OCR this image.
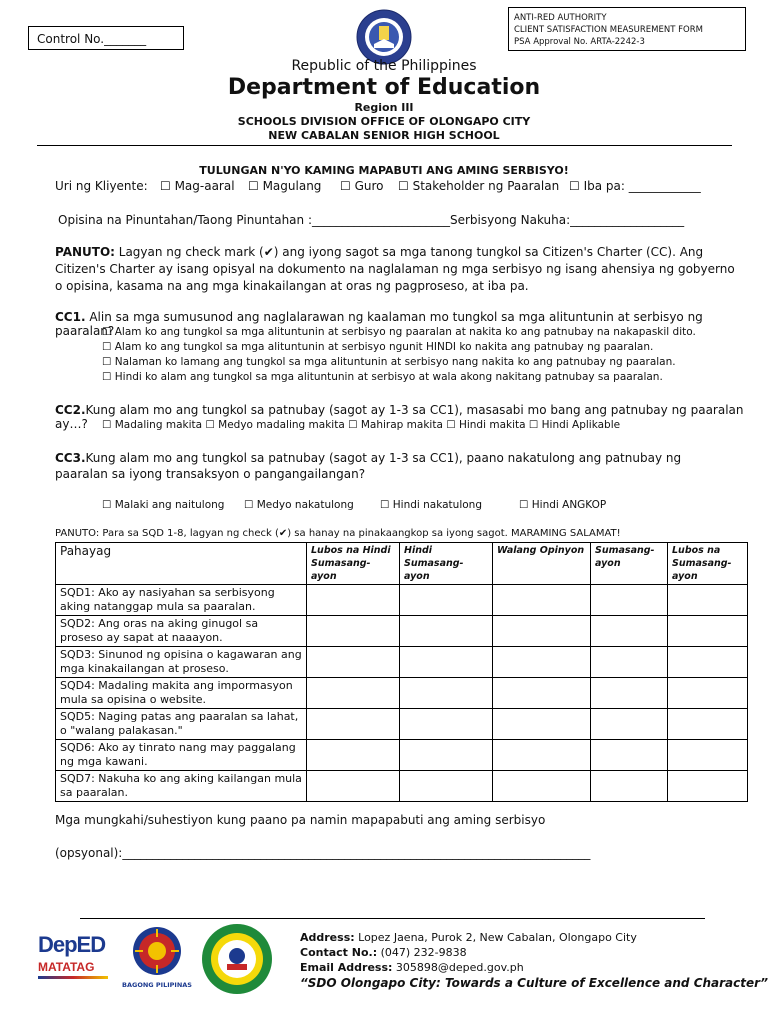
Control No._______
ANTI-RED AUTHORITY
CLIENT SATISFACTION MEASUREMENT FORM
PSA Approval No. ARTA-2242-3
Republic of the Philippines
Department of Education
Region III
SCHOOLS DIVISION OFFICE OF OLONGAPO CITY
NEW CABALAN SENIOR HIGH SCHOOL
TULUNGAN N'YO KAMING MAPABUTI ANG AMING SERBISYO!
Uri ng Kliyente: ☐ Mag-aaral ☐ Magulang ☐ Guro ☐ Stakeholder ng Paaralan ☐ Iba pa: ____________
Opisina na Pinuntahan/Taong Pinuntahan :_______________________Serbisyong Nakuha:___________________
PANUTO: Lagyan ng check mark (✔) ang iyong sagot sa mga tanong tungkol sa Citizen's Charter (CC). Ang Citizen's Charter ay isang opisyal na dokumento na naglalaman ng mga serbisyo ng isang ahensiya ng gobyerno o opisina, kasama na ang mga kinakailangan at oras ng pagproseso, at iba pa.
CC1. Alin sa mga sumusunod ang naglalarawan ng kaalaman mo tungkol sa mga alituntunin at serbisyo ng paaralan?
☐ Alam ko ang tungkol sa mga alituntunin at serbisyo ng paaralan at nakita ko ang patnubay na nakapaskil dito.
☐ Alam ko ang tungkol sa mga alituntunin at serbisyo ngunit HINDI ko nakita ang patnubay ng paaralan.
☐ Nalaman ko lamang ang tungkol sa mga alituntunin at serbisyo nang nakita ko ang patnubay ng paaralan.
☐ Hindi ko alam ang tungkol sa mga alituntunin at serbisyo at wala akong nakitang patnubay sa paaralan.
CC2.Kung alam mo ang tungkol sa patnubay (sagot ay 1-3 sa CC1), masasabi mo bang ang patnubay ng paaralan ay…?	☐ Madaling makita ☐ Medyo madaling makita ☐ Mahirap makita ☐ Hindi makita ☐ Hindi Aplikable
CC3.Kung alam mo ang tungkol sa patnubay (sagot ay 1-3 sa CC1), paano nakatulong ang patnubay ng paaralan sa iyong transaksyon o pangangailangan?
☐ Malaki ang naitulong ☐ Medyo nakatulong ☐ Hindi nakatulong	☐ Hindi ANGKOP
PANUTO: Para sa SQD 1-8, lagyan ng check (✔) sa hanay na pinakaangkop sa iyong sagot. MARAMING SALAMAT!
Pahayag	Lubos na Hindi Sumasang-ayon	Hindi Sumasang-ayon	Walang Opinyon	Sumasang-ayon	Lubos na Sumasang-ayon
SQD1: Ako ay nasiyahan sa serbisyong aking natanggap mula sa paaralan.					
SQD2: Ang oras na aking ginugol sa proseso ay sapat at naaayon.					
SQD3: Sinunod ng opisina o kagawaran ang mga kinakailangan at proseso.					
SQD4: Madaling makita ang impormasyon mula sa opisina o website.					
SQD5: Naging patas ang paaralan sa lahat, o "walang palakasan."					
SQD6: Ako ay tinrato nang may paggalang ng mga kawani.					
SQD7: Nakuha ko ang aking kailangan mula sa paaralan.					
Mga mungkahi/suhestiyon kung paano pa namin mapapabuti ang aming serbisyo
(opsyonal):______________________________________________________________________________
DepED
MATATAG
BAGONG PILIPINAS
Address: Lopez Jaena, Purok 2, New Cabalan, Olongapo City
Contact No.: (047) 232-9838
Email Address: 305898@deped.gov.ph
“SDO Olongapo City: Towards a Culture of Excellence and Character”
